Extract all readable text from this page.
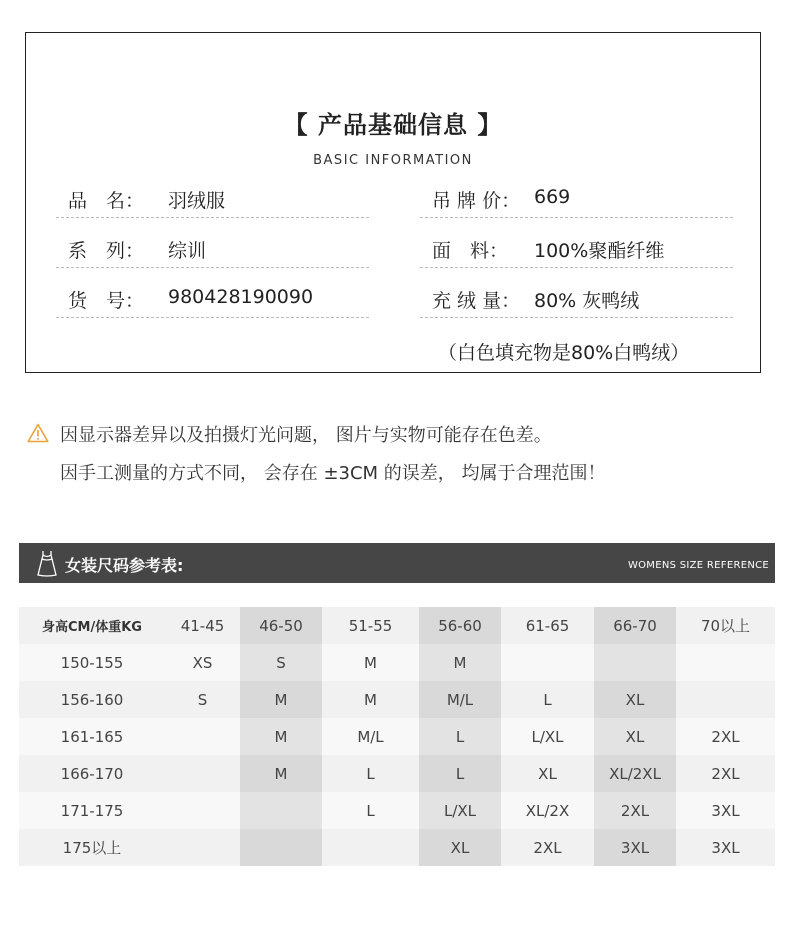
【 产品基础信息 】
BASIC INFORMATION
品　名： 羽绒服
系　列： 综训
货　号： 980428190090
吊 牌 价： 669
面　料： 100%聚酯纤维
充 绒 量： 80% 灰鸭绒
（白色填充物是80%白鸭绒）
因显示器差异以及拍摄灯光问题， 图片与实物可能存在色差。
因手工测量的方式不同， 会存在 ±3CM 的误差， 均属于合理范围！
女装尺码参考表:	WOMENS SIZE REFERENCE
身高CM/体重KG	41-45	46-50	51-55	56-60	61-65	66-70	70以上
150-155	XS	S	M	M			
156-160	S	M	M	M/L	L	XL	
161-165		M	M/L	L	L/XL	XL	2XL
166-170		M	L	L	XL	XL/2XL	2XL
171-175			L	L/XL	XL/2X	2XL	3XL
175以上				XL	2XL	3XL	3XL
